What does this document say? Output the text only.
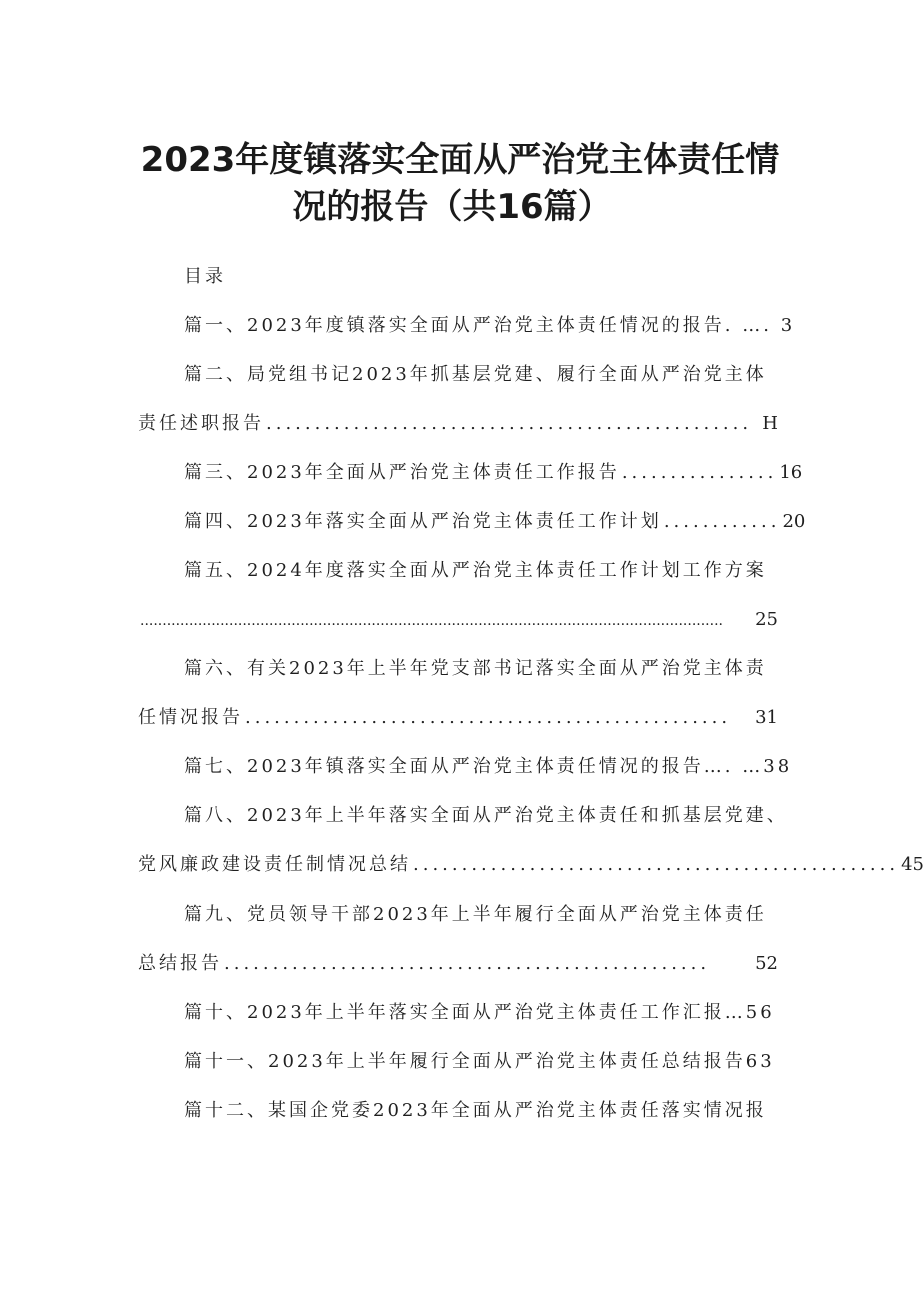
2023年度镇落实全面从严治党主体责任情
况的报告（共16篇）
目录
篇一、2023年度镇落实全面从严治党主体责任情况的报告. …. 3
篇二、局党组书记2023年抓基层党建、履行全面从严治党主体
责任述职报告 .................................................. H
篇三、2023年全面从严治党主体责任工作报告 ................ 16
篇四、2023年落实全面从严治党主体责任工作计划 ............ 20
篇五、2024年度落实全面从严治党主体责任工作计划工作方案
...................................................................................................................................	25
篇六、有关2023年上半年党支部书记落实全面从严治党主体责
任情况报告 ..................................................	31
篇七、2023年镇落实全面从严治党主体责任情况的报告…. …38
篇八、2023年上半年落实全面从严治党主体责任和抓基层党建、
党风廉政建设责任制情况总结 .................................................. 45
篇九、党员领导干部2023年上半年履行全面从严治党主体责任
总结报告 ..................................................	52
篇十、2023年上半年落实全面从严治党主体责任工作汇报…56
篇十一、2023年上半年履行全面从严治党主体责任总结报告63
篇十二、某国企党委2023年全面从严治党主体责任落实情况报
